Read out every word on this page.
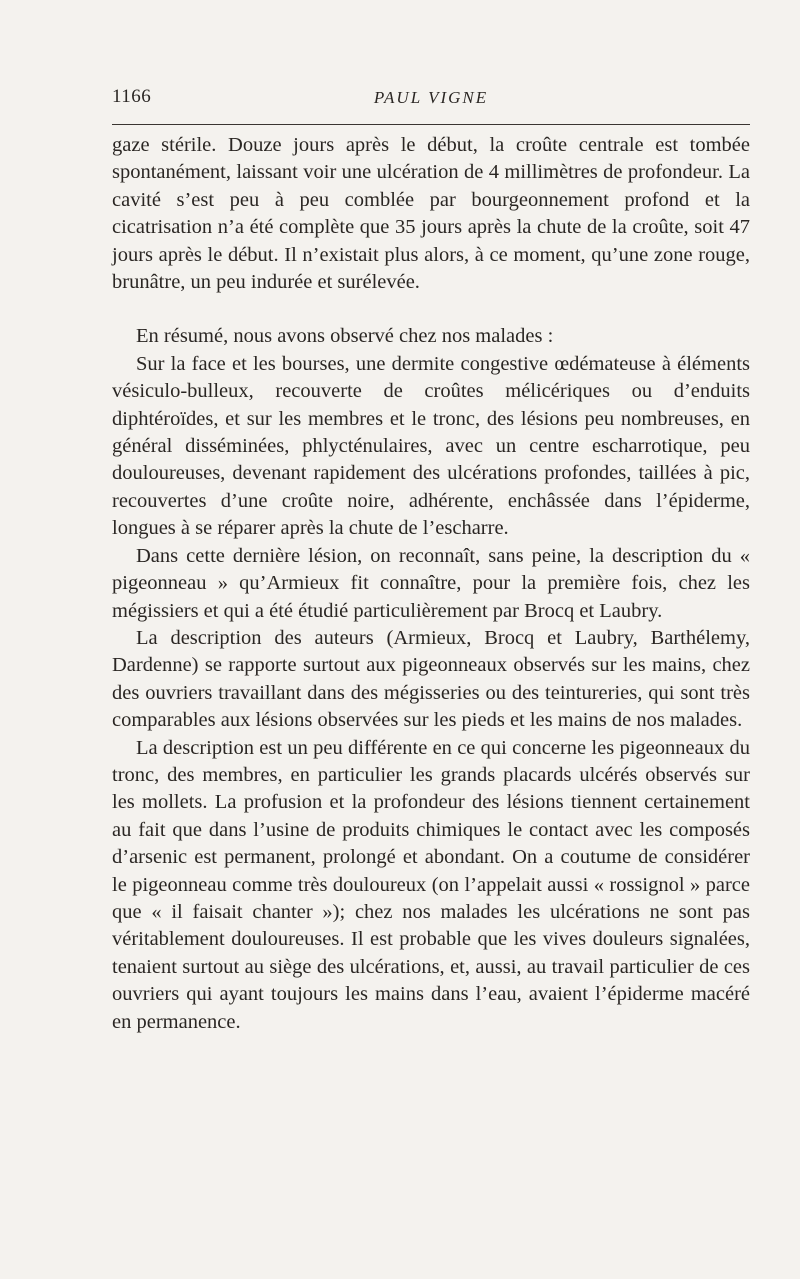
1166	PAUL VIGNE

gaze stérile. Douze jours après le début, la croûte centrale est tombée spontanément, laissant voir une ulcération de 4 millimètres de profondeur. La cavité s’est peu à peu comblée par bourgeonnement profond et la cicatrisation n’a été complète que 35 jours après la chute de la croûte, soit 47 jours après le début. Il n’existait plus alors, à ce moment, qu’une zone rouge, brunâtre, un peu indurée et surélevée.

En résumé, nous avons observé chez nos malades :

Sur la face et les bourses, une dermite congestive œdémateuse à éléments vésiculo-bulleux, recouverte de croûtes mélicériques ou d’enduits diphtéroïdes, et sur les membres et le tronc, des lésions peu nombreuses, en général disséminées, phlycténulaires, avec un centre escharrotique, peu douloureuses, devenant rapidement des ulcérations profondes, taillées à pic, recouvertes d’une croûte noire, adhérente, enchâssée dans l’épiderme, longues à se réparer après la chute de l’escharre.

Dans cette dernière lésion, on reconnaît, sans peine, la description du « pigeonneau » qu’Armieux fit connaître, pour la première fois, chez les mégissiers et qui a été étudié particulièrement par Brocq et Laubry.

La description des auteurs (Armieux, Brocq et Laubry, Barthélemy, Dardenne) se rapporte surtout aux pigeonneaux observés sur les mains, chez des ouvriers travaillant dans des mégisseries ou des teintureries, qui sont très comparables aux lésions observées sur les pieds et les mains de nos malades.

La description est un peu différente en ce qui concerne les pigeonneaux du tronc, des membres, en particulier les grands placards ulcérés observés sur les mollets. La profusion et la profondeur des lésions tiennent certainement au fait que dans l’usine de produits chimiques le contact avec les composés d’arsenic est permanent, prolongé et abondant. On a coutume de considérer le pigeonneau comme très douloureux (on l’appelait aussi « rossignol » parce que « il faisait chanter »); chez nos malades les ulcérations ne sont pas véritablement douloureuses. Il est probable que les vives douleurs signalées, tenaient surtout au siège des ulcérations, et, aussi, au travail particulier de ces ouvriers qui ayant toujours les mains dans l’eau, avaient l’épiderme macéré en permanence.
